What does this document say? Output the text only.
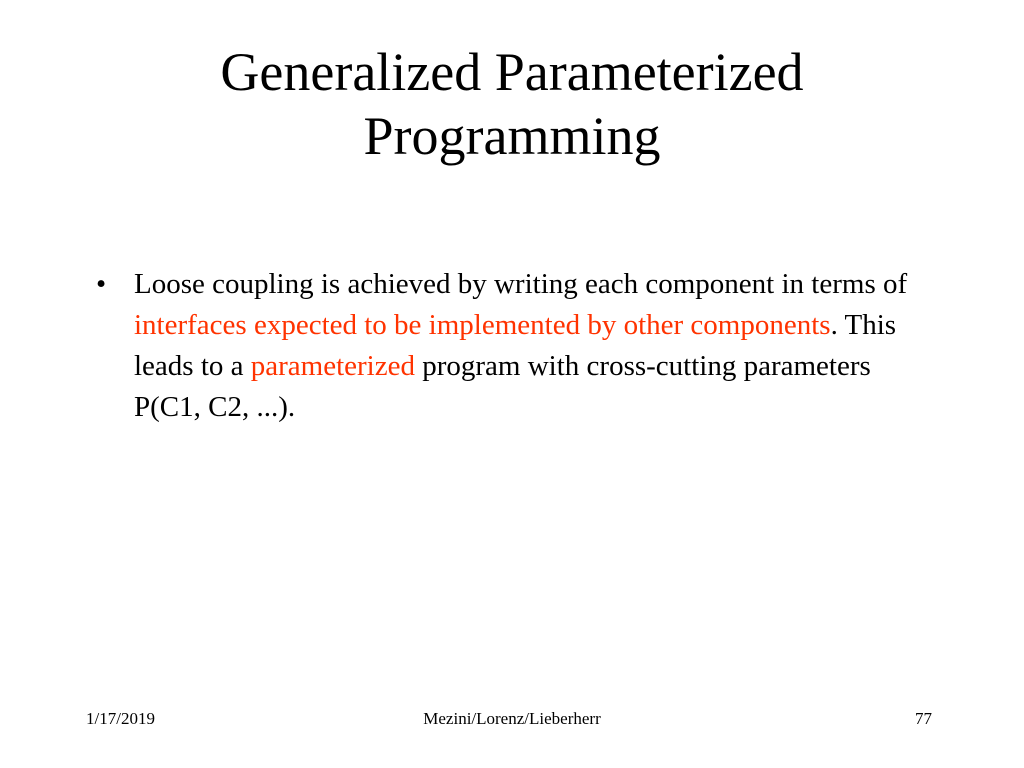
Generalized Parameterized
Programming
• Loose coupling is achieved by writing each component in terms of interfaces expected to be implemented by other components. This leads to a parameterized program with cross-cutting parameters P(C1, C2, ...).
1/17/2019	Mezini/Lorenz/Lieberherr	77
